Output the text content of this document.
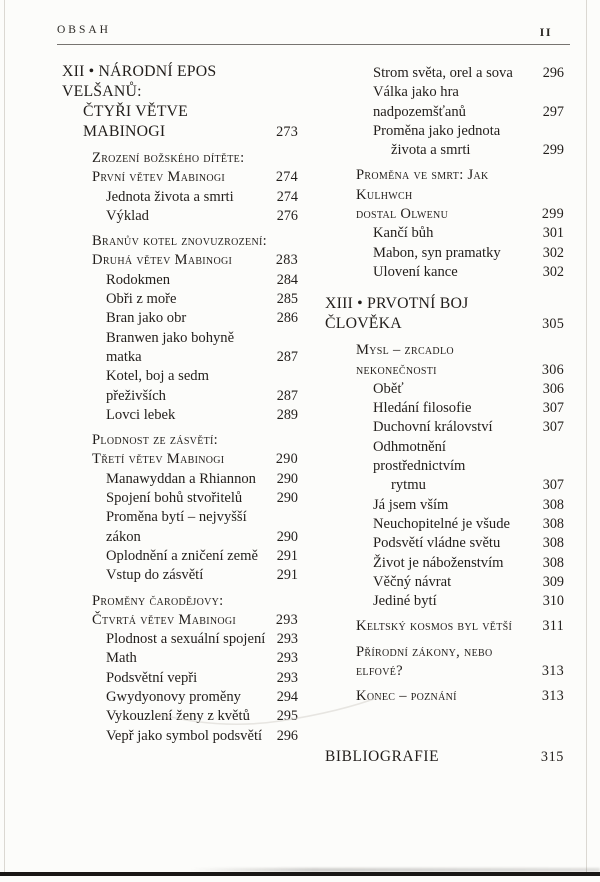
OBSAH	II
XII • NÁRODNÍ EPOS VELŠANŮ:
ČTYŘI VĚTVE MABINOGI	273
Zrození božského dítěte:
První větev Mabinogi	274
Jednota života a smrti	274
Výklad	276
Branův kotel znovuzrození:
Druhá větev Mabinogi	283
Rodokmen	284
Obři z moře	285
Bran jako obr	286
Branwen jako bohyně matka	287
Kotel, boj a sedm přeživších	287
Lovci lebek	289
Plodnost ze zásvětí:
Třetí větev Mabinogi	290
Manawyddan a Rhiannon	290
Spojení bohů stvořitelů	290
Proměna bytí – nejvyšší zákon	290
Oplodnění a zničení země	291
Vstup do zásvětí	291
Proměny čarodějovy:
Čtvrtá větev Mabinogi	293
Plodnost a sexuální spojení 293
Math	293
Podsvětní vepři	293
Gwydyonovy proměny	294
Vykouzlení ženy z květů	295
Vepř jako symbol podsvětí	296
Strom světa, orel a sova	296
Válka jako hra nadpozemšťanů	297
Proměna jako jednota
života a smrti	299
Proměna ve smrt: Jak Kulhwch
dostal Olwenu	299
Kančí bůh	301
Mabon, syn pramatky	302
Ulovení kance	302
XIII • PRVOTNÍ BOJ ČLOVĚKA	305
Mysl – zrcadlo nekonečnosti	306
Oběť	306
Hledání filosofie	307
Duchovní království	307
Odhmotnění prostřednictvím
rytmu	307
Já jsem vším	308
Neuchopitelné je všude	308
Podsvětí vládne světu	308
Život je náboženstvím	308
Věčný návrat	309
Jediné bytí	310
Keltský kosmos byl větší	311
Přírodní zákony, nebo elfové?	313
Konec – poznání	313
BIBLIOGRAFIE	315
